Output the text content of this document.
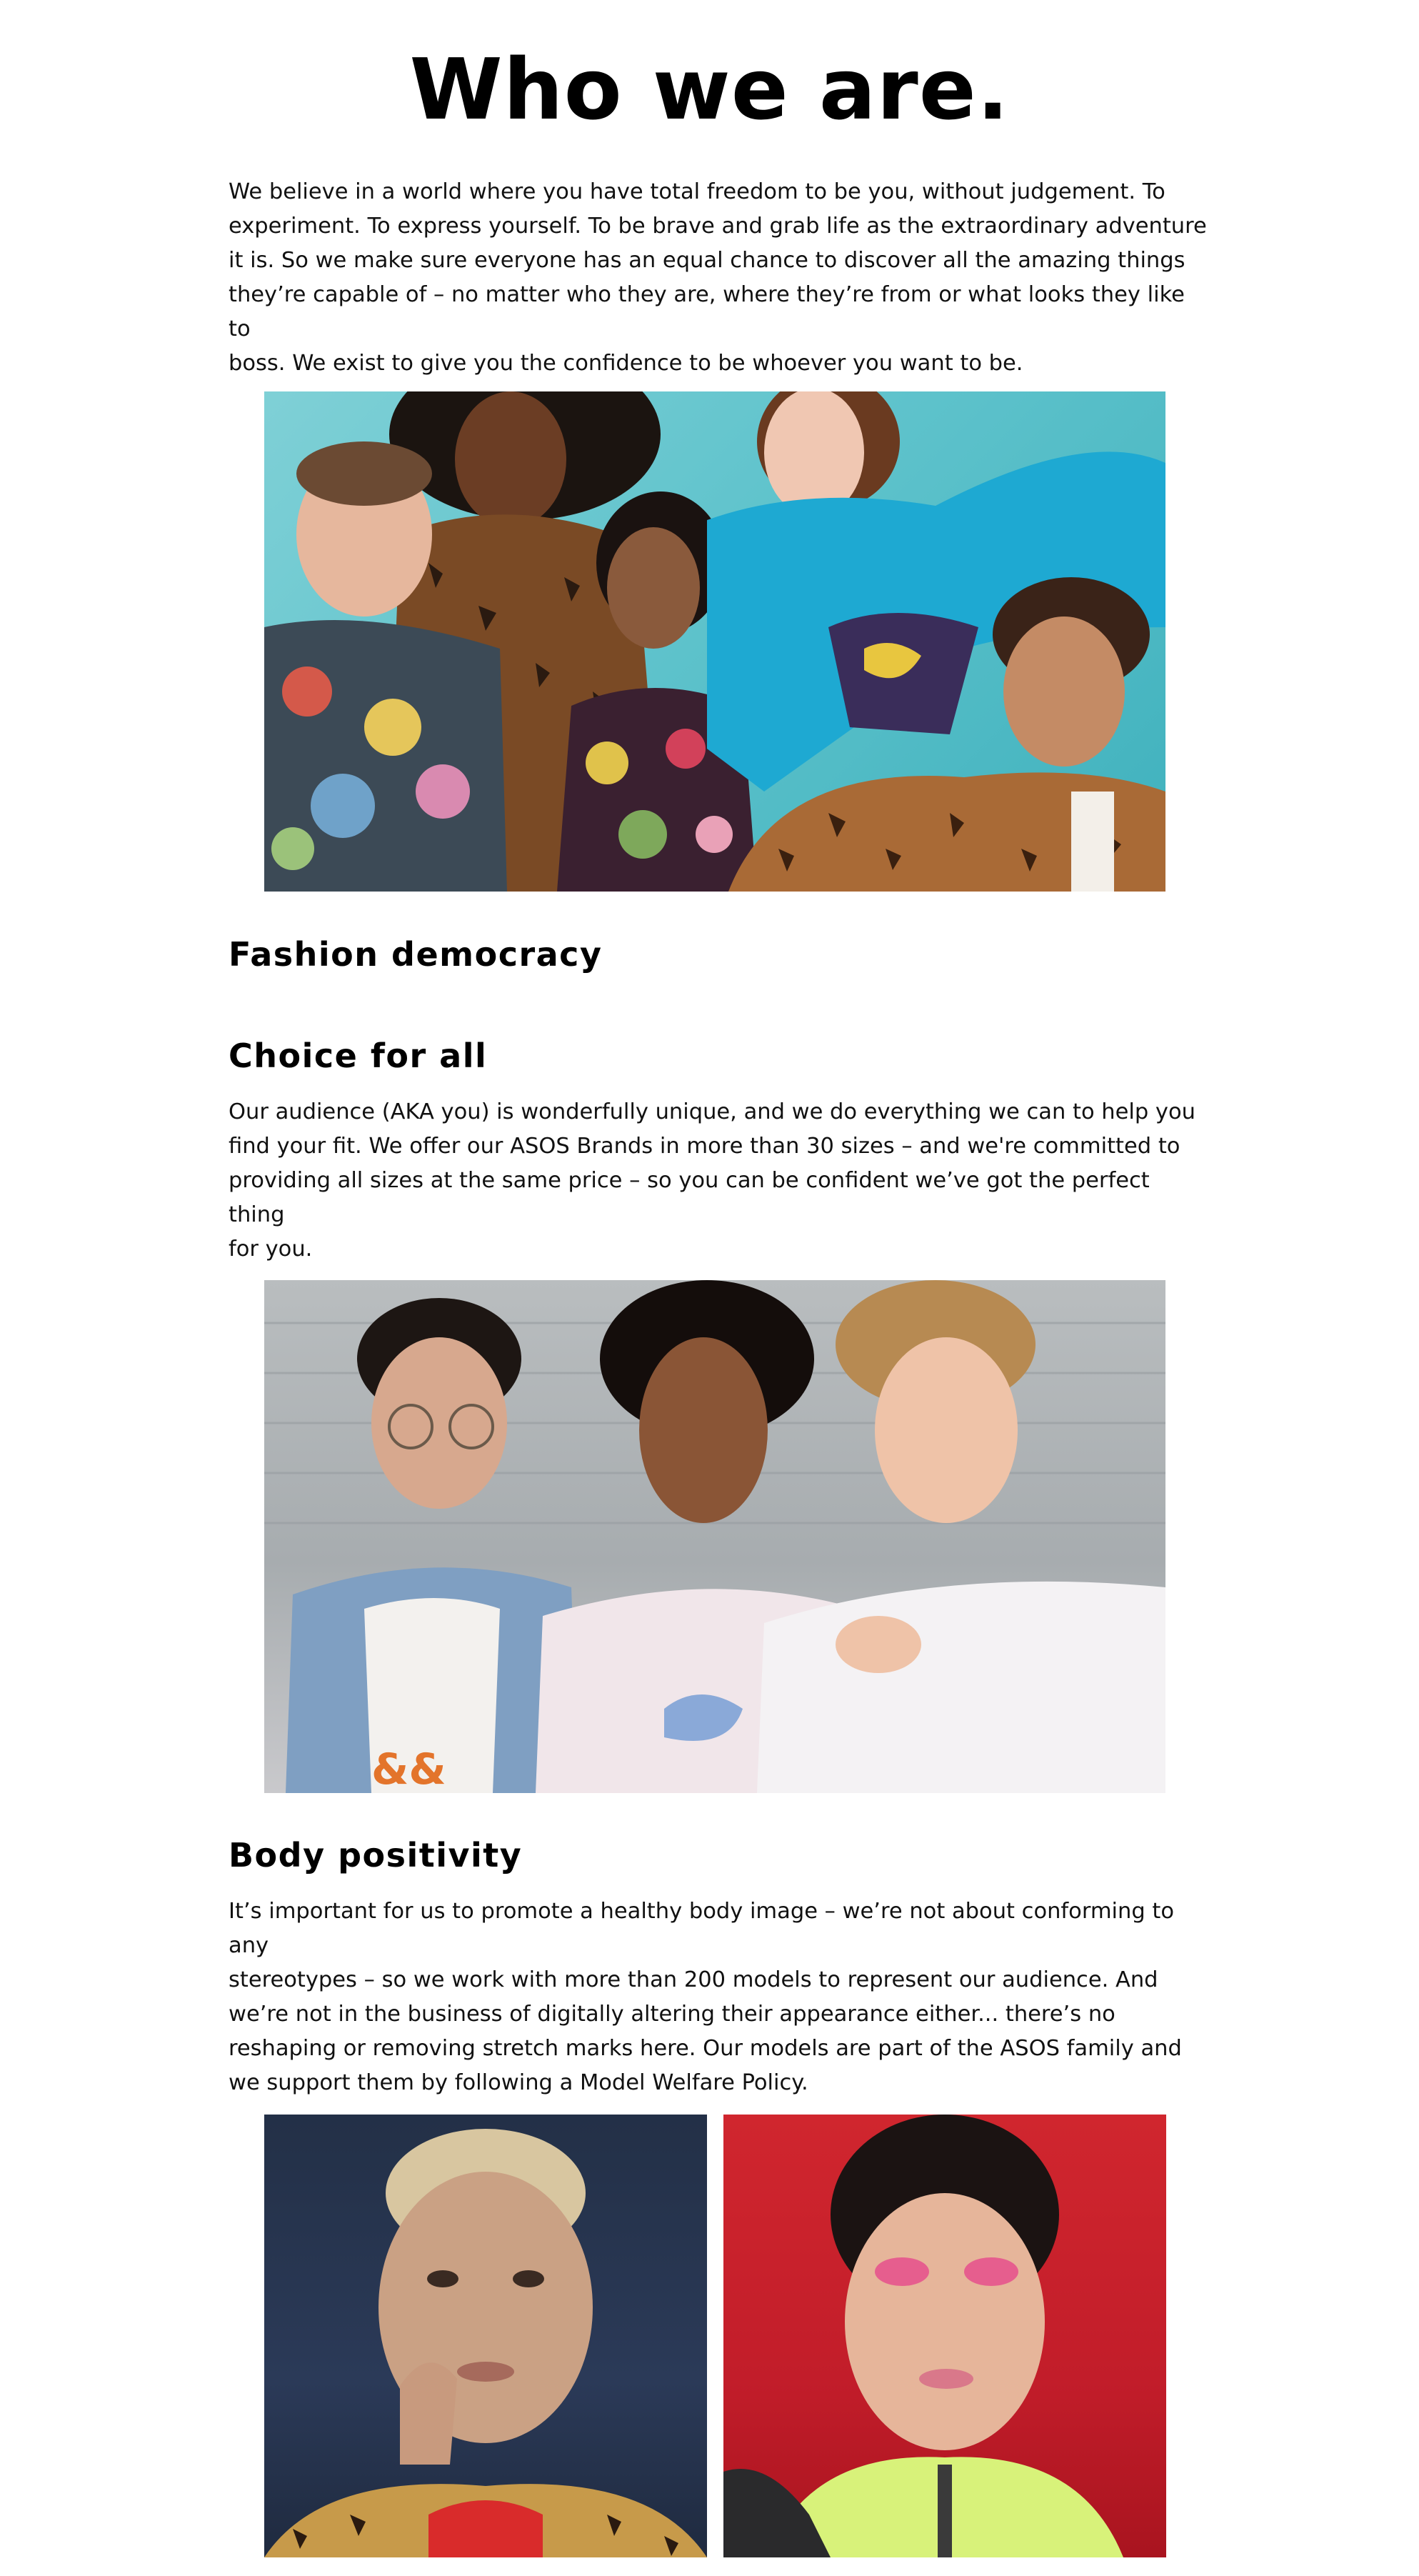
Who we are.

We believe in a world where you have total freedom to be you, without judgement. To

experiment. To express yourself. To be brave and grab life as the extraordinary adventure

it is. So we make sure everyone has an equal chance to discover all the amazing things

they’re capable of – no matter who they are, where they’re from or what looks they like to

boss. We exist to give you the confidence to be whoever you want to be.

Fashion democracy
Choice for all

Our audience (AKA you) is wonderfully unique, and we do everything we can to help you

find your fit. We offer our ASOS Brands in more than 30 sizes – and we're committed to

providing all sizes at the same price – so you can be confident we’ve got the perfect thing

for you.

&&
Body positivity

It’s important for us to promote a healthy body image – we’re not about conforming to any

stereotypes – so we work with more than 200 models to represent our audience. And

we’re not in the business of digitally altering their appearance either... there’s no

reshaping or removing stretch marks here. Our models are part of the ASOS family and

we support them by following a Model Welfare Policy.
